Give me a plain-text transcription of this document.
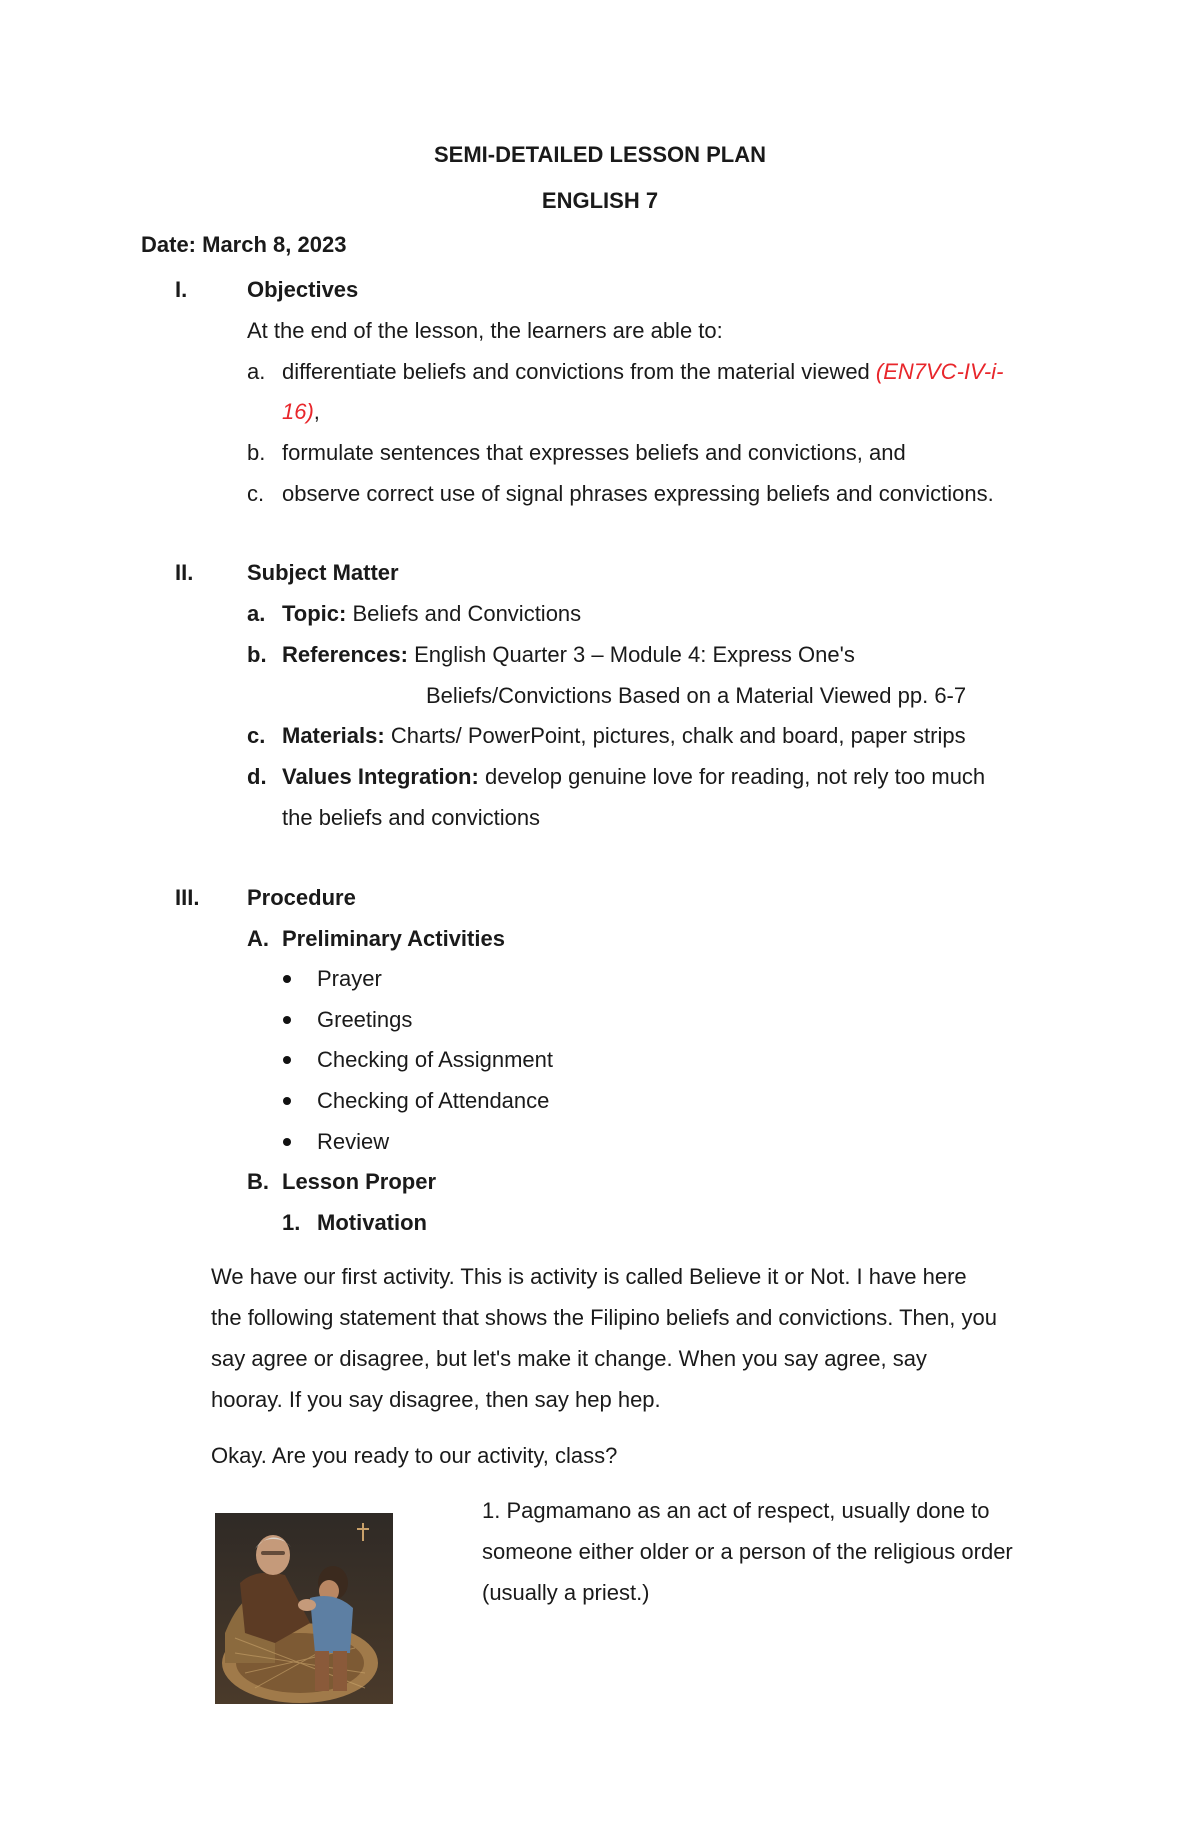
SEMI-DETAILED LESSON PLAN
ENGLISH 7
Date: March 8, 2023
I.	Objectives
At the end of the lesson, the learners are able to:
a. differentiate beliefs and convictions from the material viewed (EN7VC-IV-i-
16),
b. formulate sentences that expresses beliefs and convictions, and
c. observe correct use of signal phrases expressing beliefs and convictions.
II. Subject Matter
a. Topic: Beliefs and Convictions
b. References: English Quarter 3 – Module 4: Express One's
Beliefs/Convictions Based on a Material Viewed pp. 6-7
c. Materials: Charts/ PowerPoint, pictures, chalk and board, paper strips
d. Values Integration: develop genuine love for reading, not rely too much
the beliefs and convictions
III. Procedure
A. Preliminary Activities
Prayer
Greetings
Checking of Assignment
Checking of Attendance
Review
B. Lesson Proper
1. Motivation
We have our first activity. This is activity is called Believe it or Not. I have here
the following statement that shows the Filipino beliefs and convictions. Then, you
say agree or disagree, but let's make it change. When you say agree, say
hooray. If you say disagree, then say hep hep.
Okay. Are you ready to our activity, class?
1. Pagmamano as an act of respect, usually done to
someone either older or a person of the religious order
(usually a priest.)
